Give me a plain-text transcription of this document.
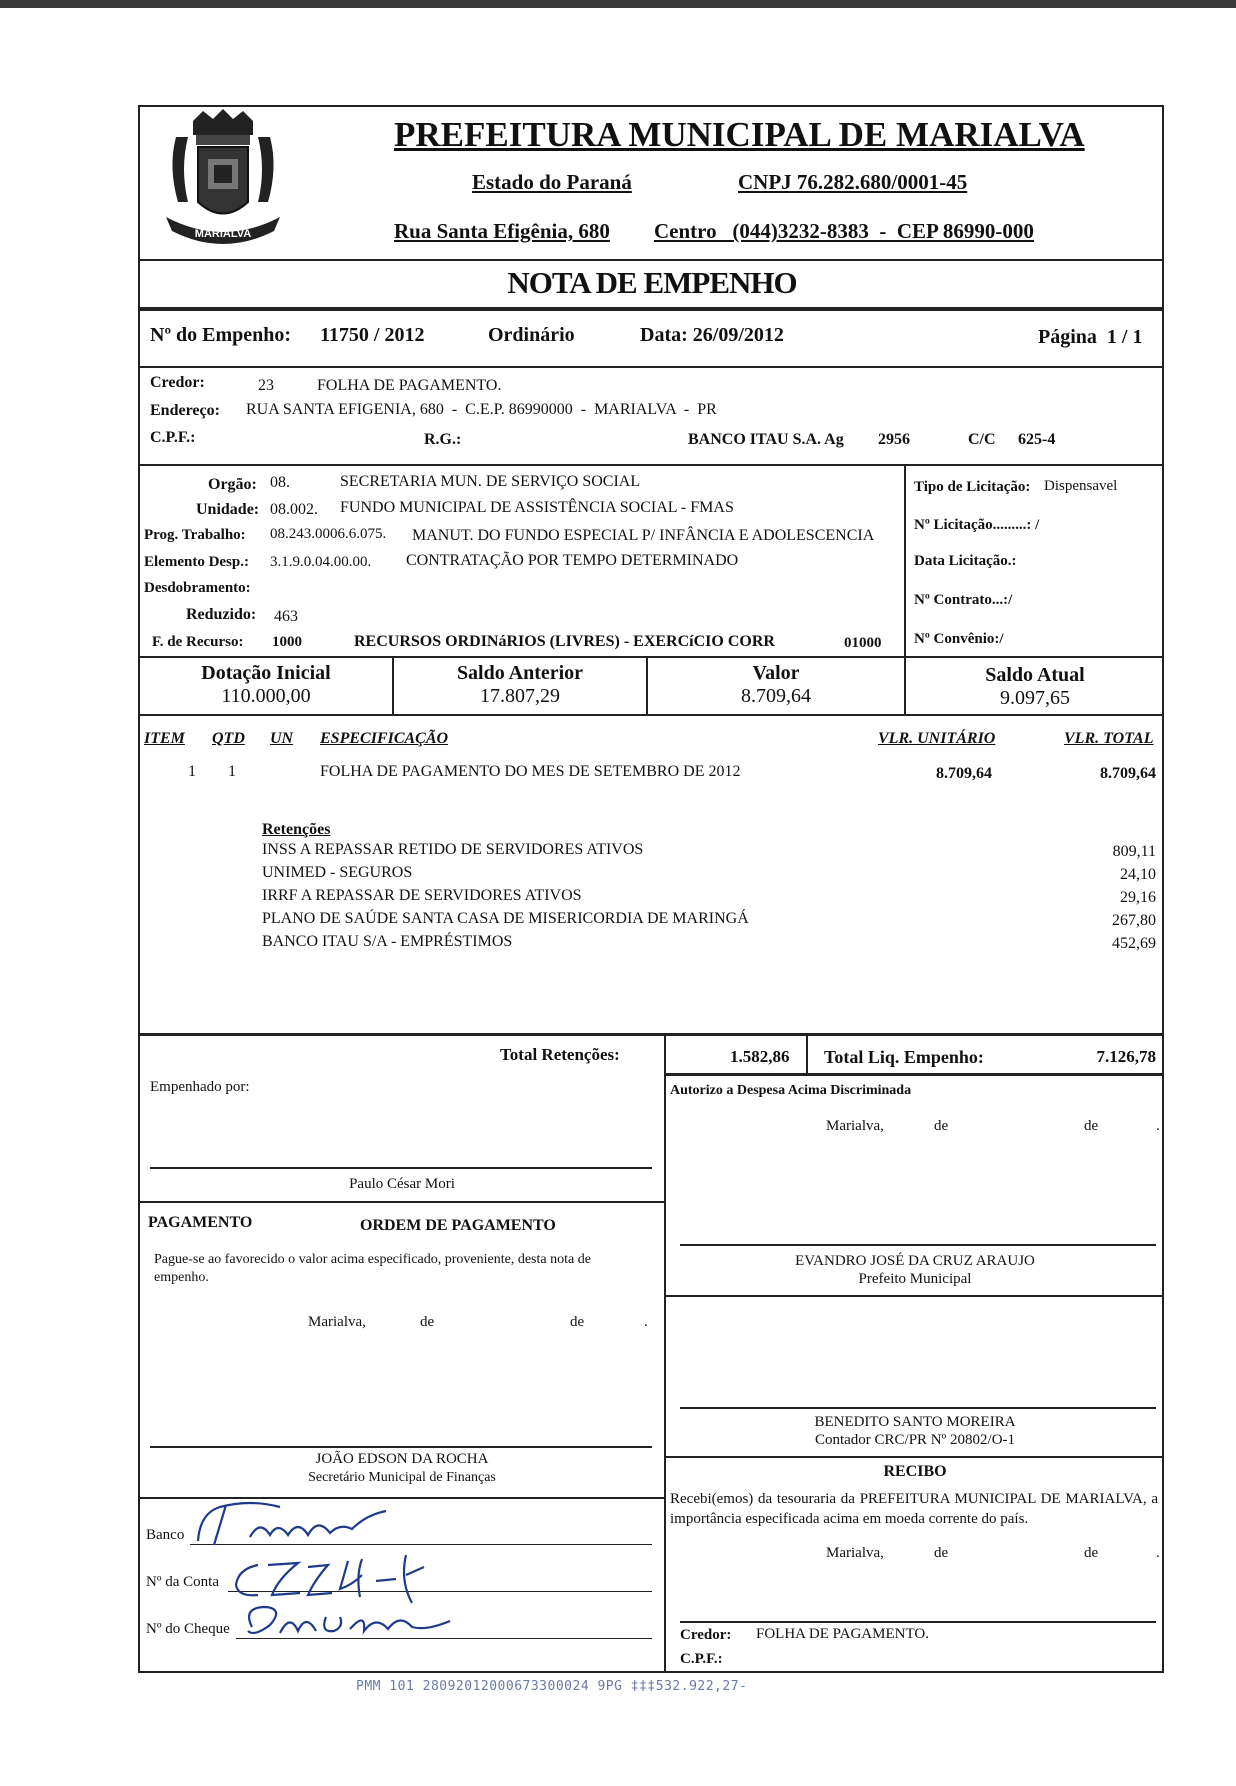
MARIALVA
PREFEITURA MUNICIPAL DE MARIALVA
Estado do Paraná	CNPJ 76.282.680/0001-45
Rua Santa Efigênia, 680 Centro   (044)3232-8383  -  CEP 86990-000
NOTA DE EMPENHO
Nº do Empenho: 11750 / 2012	Ordinário	Data: 26/09/2012	Página  1 / 1
Credor:	23	FOLHA DE PAGAMENTO.
Endereço: RUA SANTA EFIGENIA, 680  -  C.E.P. 86990000  -  MARIALVA  -  PR
C.P.F.:	R.G.:	BANCO ITAU S.A. Ag 2956	C/C 625-4
Orgão: 08.	SECRETARIA MUN. DE SERVIÇO SOCIAL
Unidade: 08.002. FUNDO MUNICIPAL DE ASSISTÊNCIA SOCIAL - FMAS
Prog. Trabalho: 08.243.0006.6.075. MANUT. DO FUNDO ESPECIAL P/ INFÂNCIA E ADOLESCENCIA
Elemento Desp.: 3.1.9.0.04.00.00. CONTRATAÇÃO POR TEMPO DETERMINADO
Desdobramento:
Reduzido: 463
F. de Recurso: 1000	RECURSOS ORDINáRIOS (LIVRES) - EXERCíCIO CORR	01000
Tipo de Licitação: Dispensavel
Nº Licitação.........: /
Data Licitação.:
Nº Contrato...:/
Nº Convênio:/
Dotação Inicial
110.000,00
Saldo Anterior
17.807,29
Valor
8.709,64
Saldo Atual
9.097,65
ITEM QTD UN ESPECIFICAÇÃO	VLR. UNITÁRIO	VLR. TOTAL
1 1	FOLHA DE PAGAMENTO DO MES DE SETEMBRO DE 2012	8.709,64	8.709,64
Retenções
INSS A REPASSAR RETIDO DE SERVIDORES ATIVOS	809,11
UNIMED - SEGUROS	24,10
IRRF A REPASSAR DE SERVIDORES ATIVOS	29,16
PLANO DE SAÚDE SANTA CASA DE MISERICORDIA DE MARINGÁ	267,80
BANCO ITAU S/A - EMPRÉSTIMOS	452,69
Total Retenções:	1.582,86 Total Liq. Empenho:	7.126,78
Empenhado por:
Paulo César Mori
PAGAMENTO	ORDEM DE PAGAMENTO
Pague-se ao favorecido o valor acima especificado, proveniente, desta nota de empenho.
Marialva,	de	de	.
JOÃO EDSON DA ROCHA
Secretário Municipal de Finanças
Banco
Nº da Conta
Nº do Cheque
Autorizo a Despesa Acima Discriminada
Marialva,	de	de	.
EVANDRO JOSÉ DA CRUZ ARAUJO
Prefeito Municipal
BENEDITO SANTO MOREIRA
Contador CRC/PR Nº 20802/O-1
RECIBO
Recebi(emos) da tesouraria da PREFEITURA MUNICIPAL DE MARIALVA, a importância especificada acima em moeda corrente do país.
Marialva,	de	de	.
Credor: FOLHA DE PAGAMENTO.
C.P.F.:
PMM 101 28092012000673300024 9PG ‡‡‡532.922,27-
